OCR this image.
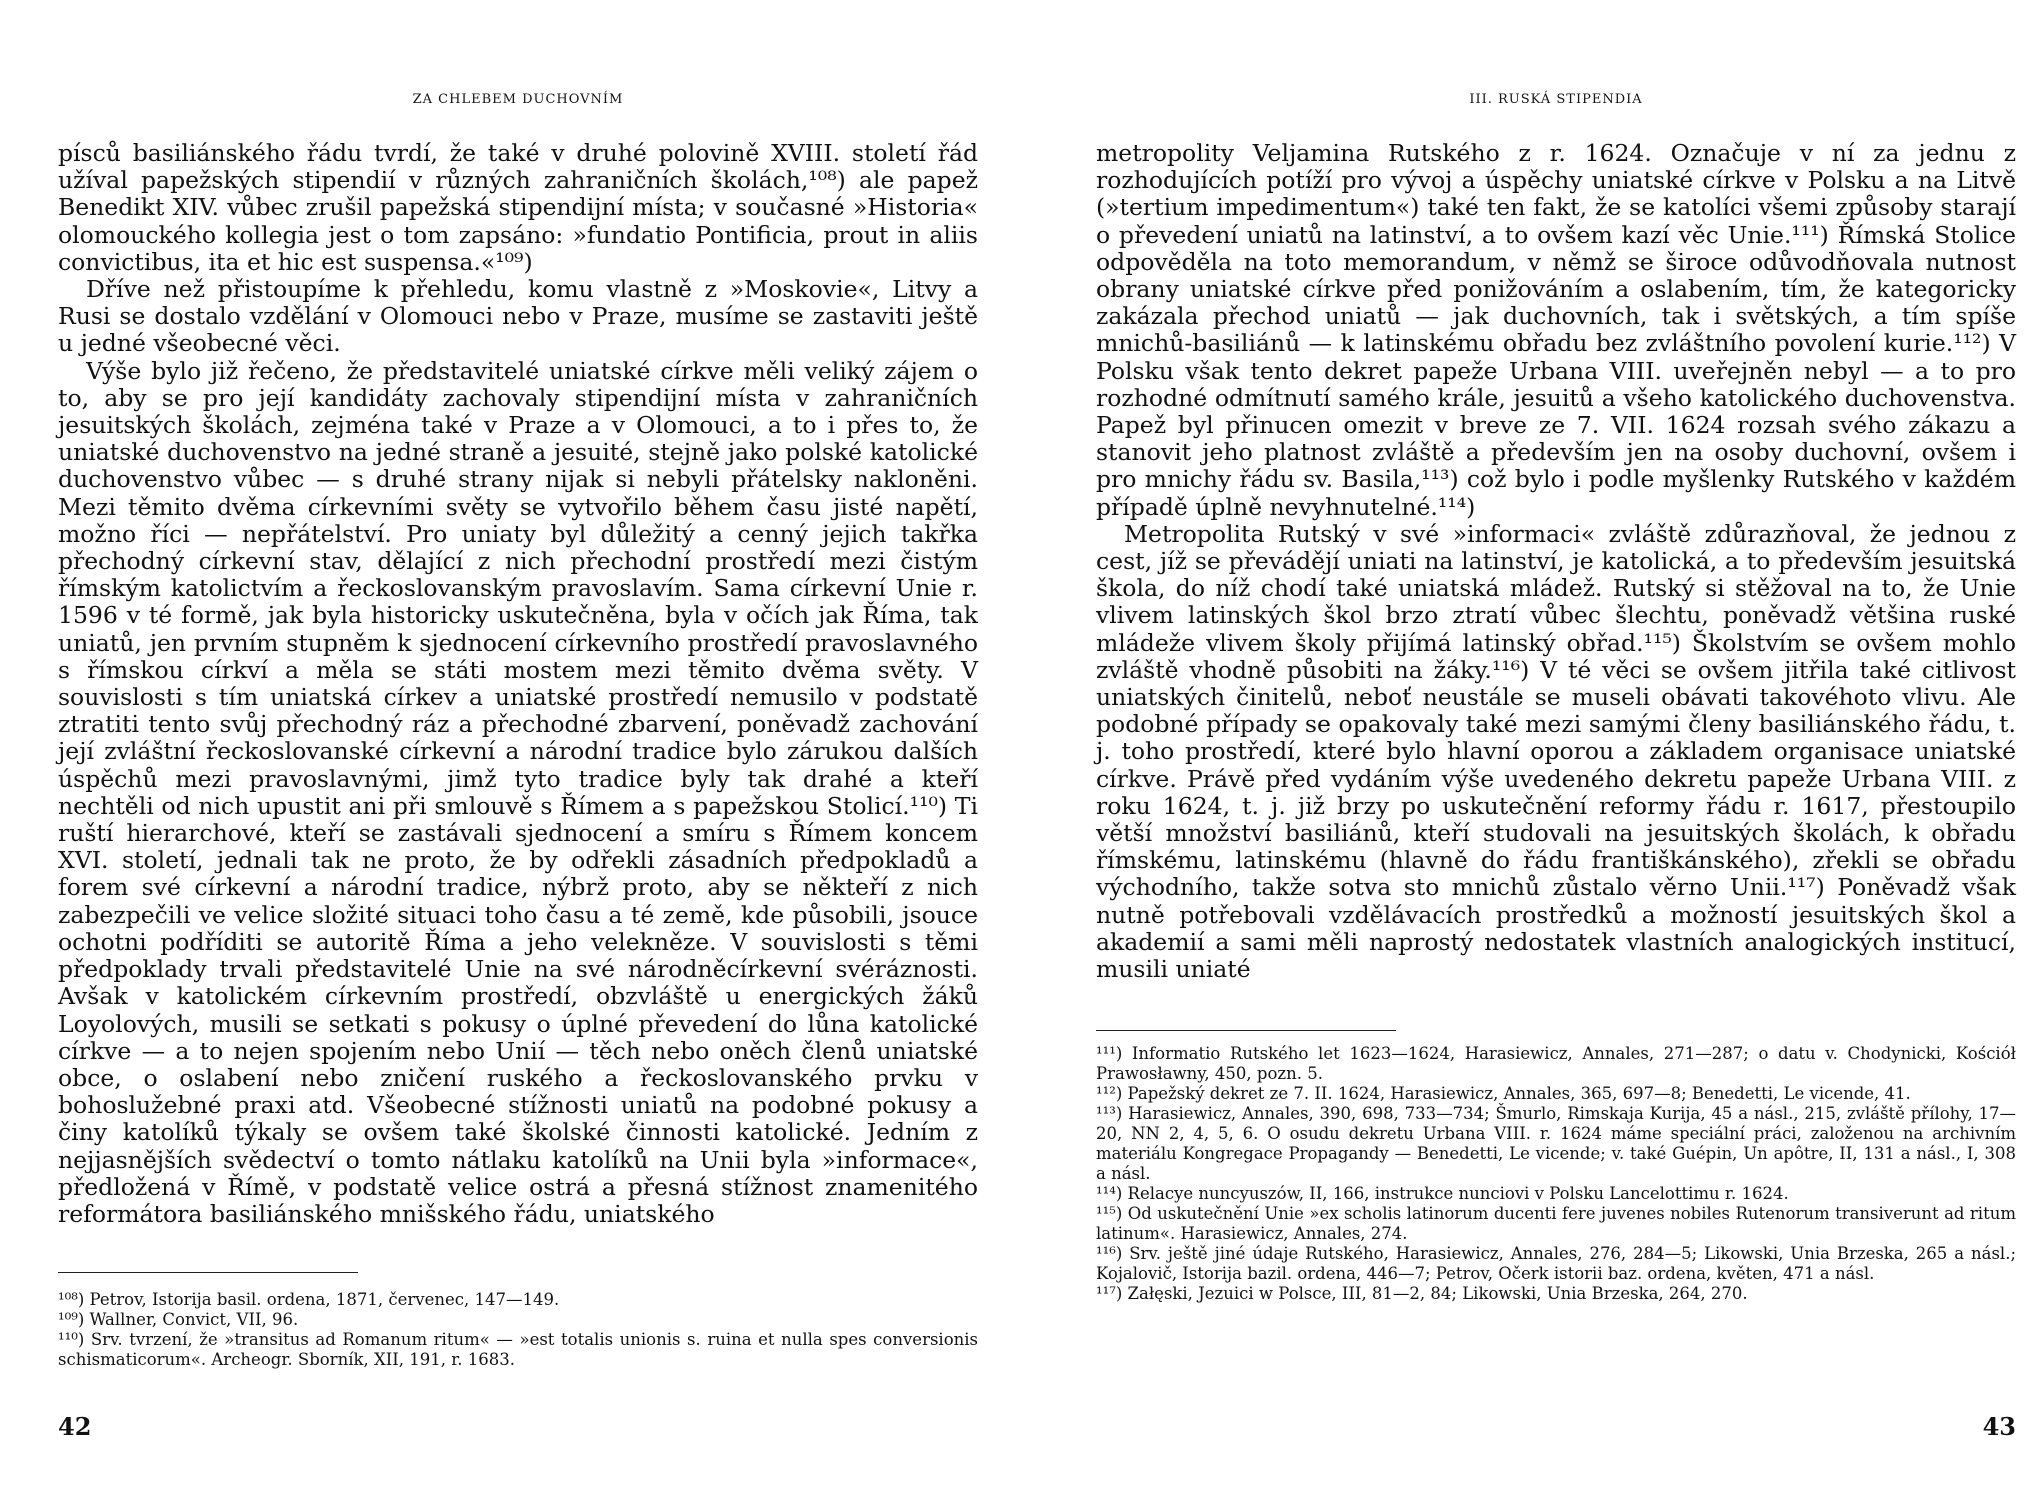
ZA CHLEBEM DUCHOVNÍM

písců basiliánského řádu tvrdí, že také v druhé polovině XVIII. století řád užíval papežských stipendií v různých zahraničních školách,¹⁰⁸) ale papež Benedikt XIV. vůbec zrušil papežská stipendijní místa; v současné »Historia« olomouckého kollegia jest o tom zapsáno: »fundatio Pontificia, prout in aliis convictibus, ita et hic est suspensa.«¹⁰⁹)

Dříve než přistoupíme k přehledu, komu vlastně z »Moskovie«, Litvy a Rusi se dostalo vzdělání v Olomouci nebo v Praze, musíme se zastaviti ještě u jedné všeobecné věci.

Výše bylo již řečeno, že představitelé uniatské církve měli veliký zájem o to, aby se pro její kandidáty zachovaly stipendijní místa v zahraničních jesuitských školách, zejména také v Praze a v Olomouci, a to i přes to, že uniatské duchovenstvo na jedné straně a jesuité, stejně jako polské katolické duchovenstvo vůbec — s druhé strany nijak si nebyli přátelsky nakloněni. Mezi těmito dvěma církevními světy se vytvořilo během času jisté napětí, možno říci — nepřátelství. Pro uniaty byl důležitý a cenný jejich takřka přechodný církevní stav, dělající z nich přechodní prostředí mezi čistým římským katolictvím a řeckoslovanským pravoslavím. Sama církevní Unie r. 1596 v té formě, jak byla historicky uskutečněna, byla v očích jak Říma, tak uniatů, jen prvním stupněm k sjednocení církevního prostředí pravoslavného s římskou církví a měla se státi mostem mezi těmito dvěma světy. V souvislosti s tím uniatská církev a uniatské prostředí nemusilo v podstatě ztratiti tento svůj přechodný ráz a přechodné zbarvení, poněvadž zachování její zvláštní řeckoslovanské církevní a národní tradice bylo zárukou dalších úspěchů mezi pravoslavnými, jimž tyto tradice byly tak drahé a kteří nechtěli od nich upustit ani při smlouvě s Římem a s papežskou Stolicí.¹¹⁰) Ti ruští hierarchové, kteří se zastávali sjednocení a smíru s Římem koncem XVI. století, jednali tak ne proto, že by odřekli zásadních předpokladů a forem své církevní a národní tradice, nýbrž proto, aby se někteří z nich zabezpečili ve velice složité situaci toho času a té země, kde působili, jsouce ochotni podříditi se autoritě Říma a jeho velekněze. V souvislosti s těmi předpoklady trvali představitelé Unie na své národněcírkevní svéráznosti. Avšak v katolickém církevním prostředí, obzvláště u energických žáků Loyolových, musili se setkati s pokusy o úplné převedení do lůna katolické církve — a to nejen spojením nebo Unií — těch nebo oněch členů uniatské obce, o oslabení nebo zničení ruského a řeckoslovanského prvku v bohoslužebné praxi atd. Všeobecné stížnosti uniatů na podobné pokusy a činy katolíků týkaly se ovšem také školské činnosti katolické. Jedním z nejjasnějších svědectví o tomto nátlaku katolíků na Unii byla »informace«, předložená v Římě, v podstatě velice ostrá a přesná stížnost znamenitého reformátora basiliánského mnišského řádu, uniatského

¹⁰⁸) Petrov, Istorija basil. ordena, 1871, červenec, 147—149.

¹⁰⁹) Wallner, Convict, VII, 96.

¹¹⁰) Srv. tvrzení, že »transitus ad Romanum ritum« — »est totalis unionis s. ruina et nulla spes conversionis schismaticorum«. Archeogr. Sborník, XII, 191, r. 1683.

42
III. RUSKÁ STIPENDIA

metropolity Veljamina Rutského z r. 1624. Označuje v ní za jednu z rozhodujících potíží pro vývoj a úspěchy uniatské církve v Polsku a na Litvě (»tertium impedimentum«) také ten fakt, že se katolíci všemi způsoby starají o převedení uniatů na latinství, a to ovšem kazí věc Unie.¹¹¹) Římská Stolice odpověděla na toto memorandum, v němž se široce odůvodňovala nutnost obrany uniatské církve před ponižováním a oslabením, tím, že kategoricky zakázala přechod uniatů — jak duchovních, tak i světských, a tím spíše mnichů-basiliánů — k latinskému obřadu bez zvláštního povolení kurie.¹¹²) V Polsku však tento dekret papeže Urbana VIII. uveřejněn nebyl — a to pro rozhodné odmítnutí samého krále, jesuitů a všeho katolického duchovenstva. Papež byl přinucen omezit v breve ze 7. VII. 1624 rozsah svého zákazu a stanovit jeho platnost zvláště a především jen na osoby duchovní, ovšem i pro mnichy řádu sv. Basila,¹¹³) což bylo i podle myšlenky Rutského v každém případě úplně nevyhnutelné.¹¹⁴)

Metropolita Rutský v své »informaci« zvláště zdůrazňoval, že jednou z cest, jíž se převádějí uniati na latinství, je katolická, a to především jesuitská škola, do níž chodí také uniatská mládež. Rutský si stěžoval na to, že Unie vlivem latinských škol brzo ztratí vůbec šlechtu, poněvadž většina ruské mládeže vlivem školy přijímá latinský obřad.¹¹⁵) Školstvím se ovšem mohlo zvláště vhodně působiti na žáky.¹¹⁶) V té věci se ovšem jitřila také citlivost uniatských činitelů, neboť neustále se museli obávati takovéhoto vlivu. Ale podobné případy se opakovaly také mezi samými členy basiliánského řádu, t. j. toho prostředí, které bylo hlavní oporou a základem organisace uniatské církve. Právě před vydáním výše uvedeného dekretu papeže Urbana VIII. z roku 1624, t. j. již brzy po uskutečnění reformy řádu r. 1617, přestoupilo větší množství basiliánů, kteří studovali na jesuitských školách, k obřadu římskému, latinskému (hlavně do řádu františkánského), zřekli se obřadu východního, takže sotva sto mnichů zůstalo věrno Unii.¹¹⁷) Poněvadž však nutně potřebovali vzdělávacích prostředků a možností jesuitských škol a akademií a sami měli naprostý nedostatek vlastních analogických institucí, musili uniaté

¹¹¹) Informatio Rutského let 1623—1624, Harasiewicz, Annales, 271—287; o datu v. Chodynicki, Kościół Prawosławny, 450, pozn. 5.

¹¹²) Papežský dekret ze 7. II. 1624, Harasiewicz, Annales, 365, 697—8; Benedetti, Le vicende, 41.

¹¹³) Harasiewicz, Annales, 390, 698, 733—734; Šmurlo, Rimskaja Kurija, 45 a násl., 215, zvláště přílohy, 17—20, NN 2, 4, 5, 6. O osudu dekretu Urbana VIII. r. 1624 máme speciální práci, založenou na archivním materiálu Kongregace Propagandy — Benedetti, Le vicende; v. také Guépin, Un apôtre, II, 131 a násl., I, 308 a násl.

¹¹⁴) Relacye nuncyuszów, II, 166, instrukce nunciovi v Polsku Lancelottimu r. 1624.

¹¹⁵) Od uskutečnění Unie »ex scholis latinorum ducenti fere juvenes nobiles Rutenorum transiverunt ad ritum latinum«. Harasiewicz, Annales, 274.

¹¹⁶) Srv. ještě jiné údaje Rutského, Harasiewicz, Annales, 276, 284—5; Likowski, Unia Brzeska, 265 a násl.; Kojalovič, Istorija bazil. ordena, 446—7; Petrov, Očerk istorii baz. ordena, květen, 471 a násl.

¹¹⁷) Załęski, Jezuici w Polsce, III, 81—2, 84; Likowski, Unia Brzeska, 264, 270.

43
